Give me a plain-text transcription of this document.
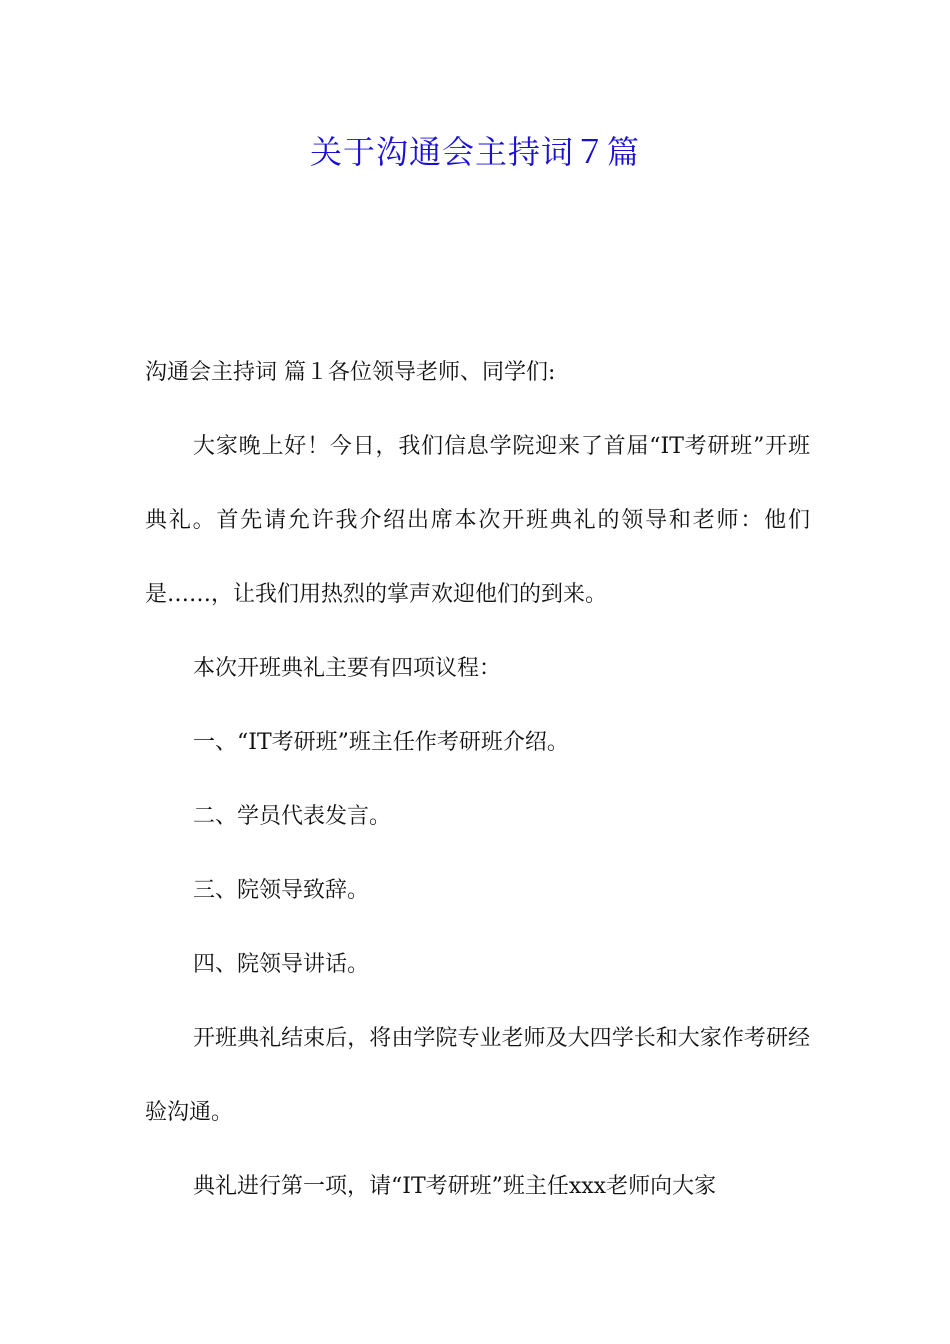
关于沟通会主持词７篇

沟通会主持词 篇１各位领导老师、同学们:

大家晚上好！今日，我们信息学院迎来了首届“IT考研班”开班典礼。首先请允许我介绍出席本次开班典礼的领导和老师：他们是……，让我们用热烈的掌声欢迎他们的到来。

本次开班典礼主要有四项议程：

一、“IT考研班”班主任作考研班介绍。

二、学员代表发言。

三、院领导致辞。

四、院领导讲话。

开班典礼结束后，将由学院专业老师及大四学长和大家作考研经验沟通。

典礼进行第一项，请“IT考研班”班主任xxx老师向大家
